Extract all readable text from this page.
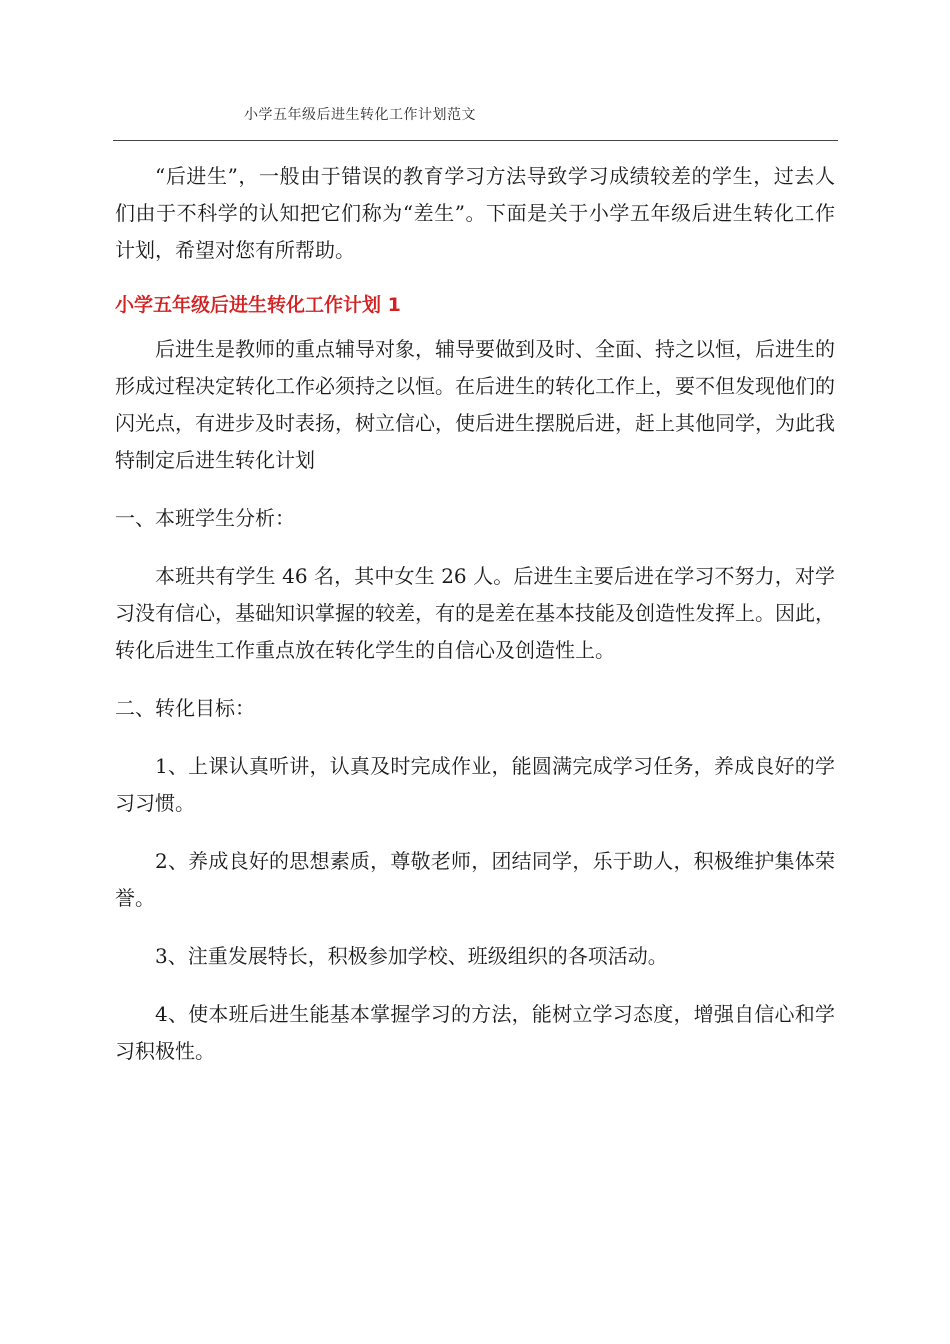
小学五年级后进生转化工作计划范文

“后进生”，一般由于错误的教育学习方法导致学习成绩较差的学生，过去人们由于不科学的认知把它们称为“差生”。下面是关于小学五年级后进生转化工作计划，希望对您有所帮助。

小学五年级后进生转化工作计划 1

后进生是教师的重点辅导对象，辅导要做到及时、全面、持之以恒，后进生的形成过程决定转化工作必须持之以恒。在后进生的转化工作上，要不但发现他们的闪光点，有进步及时表扬，树立信心，使后进生摆脱后进，赶上其他同学，为此我特制定后进生转化计划

一、本班学生分析：

本班共有学生 46 名，其中女生 26 人。后进生主要后进在学习不努力，对学习没有信心，基础知识掌握的较差，有的是差在基本技能及创造性发挥上。因此，转化后进生工作重点放在转化学生的自信心及创造性上。

二、转化目标：

1、上课认真听讲，认真及时完成作业，能圆满完成学习任务，养成良好的学习习惯。

2、养成良好的思想素质，尊敬老师，团结同学，乐于助人，积极维护集体荣誉。

3、注重发展特长，积极参加学校、班级组织的各项活动。

4、使本班后进生能基本掌握学习的方法，能树立学习态度，增强自信心和学习积极性。
